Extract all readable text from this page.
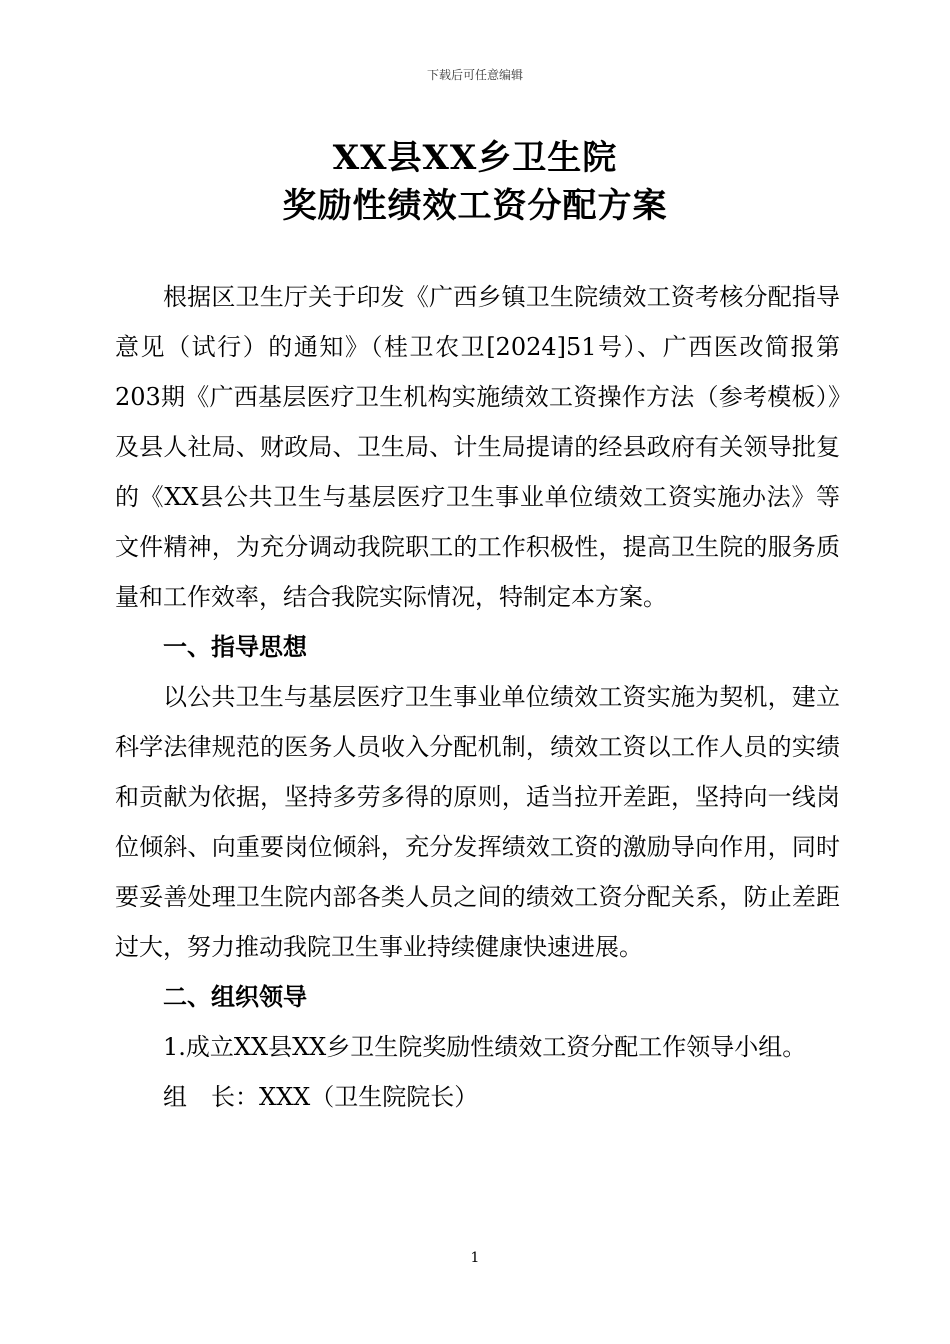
下载后可任意编辑
XX县XX乡卫生院
奖励性绩效工资分配方案

根据区卫生厅关于印发《广西乡镇卫生院绩效工资考核分配指导意见（试行）的通知》（桂卫农卫[2024]51号）、广西医改简报第203期《广西基层医疗卫生机构实施绩效工资操作方法（参考模板）》及县人社局、财政局、卫生局、计生局提请的经县政府有关领导批复的《XX县公共卫生与基层医疗卫生事业单位绩效工资实施办法》等文件精神，为充分调动我院职工的工作积极性，提高卫生院的服务质量和工作效率，结合我院实际情况，特制定本方案。

一、指导思想

以公共卫生与基层医疗卫生事业单位绩效工资实施为契机，建立科学法律规范的医务人员收入分配机制，绩效工资以工作人员的实绩和贡献为依据，坚持多劳多得的原则，适当拉开差距，坚持向一线岗位倾斜、向重要岗位倾斜，充分发挥绩效工资的激励导向作用，同时要妥善处理卫生院内部各类人员之间的绩效工资分配关系，防止差距过大，努力推动我院卫生事业持续健康快速进展。

二、组织领导

1.成立XX县XX乡卫生院奖励性绩效工资分配工作领导小组。

组　长：XXX（卫生院院长）

1
